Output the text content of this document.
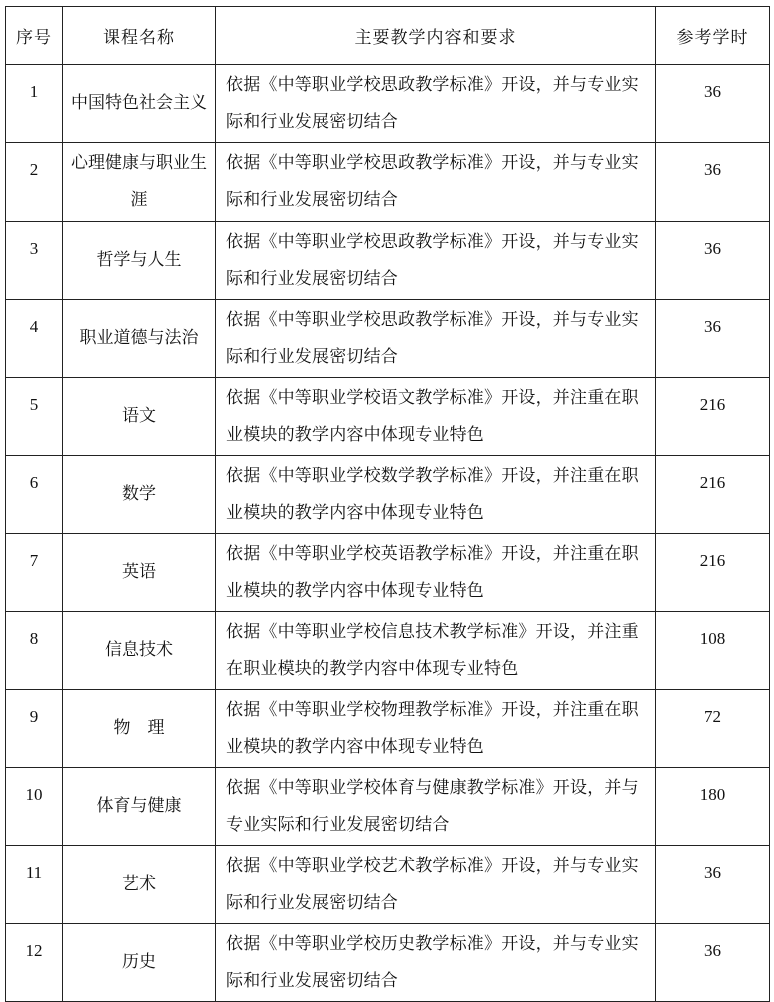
序号	课程名称	主要教学内容和要求	参考学时
1	中国特色社会主义	依据《中等职业学校思政教学标准》开设，并与专业实际和行业发展密切结合	36
2	心理健康与职业生涯	依据《中等职业学校思政教学标准》开设，并与专业实际和行业发展密切结合	36
3	哲学与人生	依据《中等职业学校思政教学标准》开设，并与专业实际和行业发展密切结合	36
4	职业道德与法治	依据《中等职业学校思政教学标准》开设，并与专业实际和行业发展密切结合	36
5	语文	依据《中等职业学校语文教学标准》开设，并注重在职业模块的教学内容中体现专业特色	216
6	数学	依据《中等职业学校数学教学标准》开设，并注重在职业模块的教学内容中体现专业特色	216
7	英语	依据《中等职业学校英语教学标准》开设，并注重在职业模块的教学内容中体现专业特色	216
8	信息技术	依据《中等职业学校信息技术教学标准》开设，并注重在职业模块的教学内容中体现专业特色	108
9	物　理	依据《中等职业学校物理教学标准》开设，并注重在职业模块的教学内容中体现专业特色	72
10	体育与健康	依据《中等职业学校体育与健康教学标准》开设，并与专业实际和行业发展密切结合	180
11	艺术	依据《中等职业学校艺术教学标准》开设，并与专业实际和行业发展密切结合	36
12	历史	依据《中等职业学校历史教学标准》开设，并与专业实际和行业发展密切结合	36
